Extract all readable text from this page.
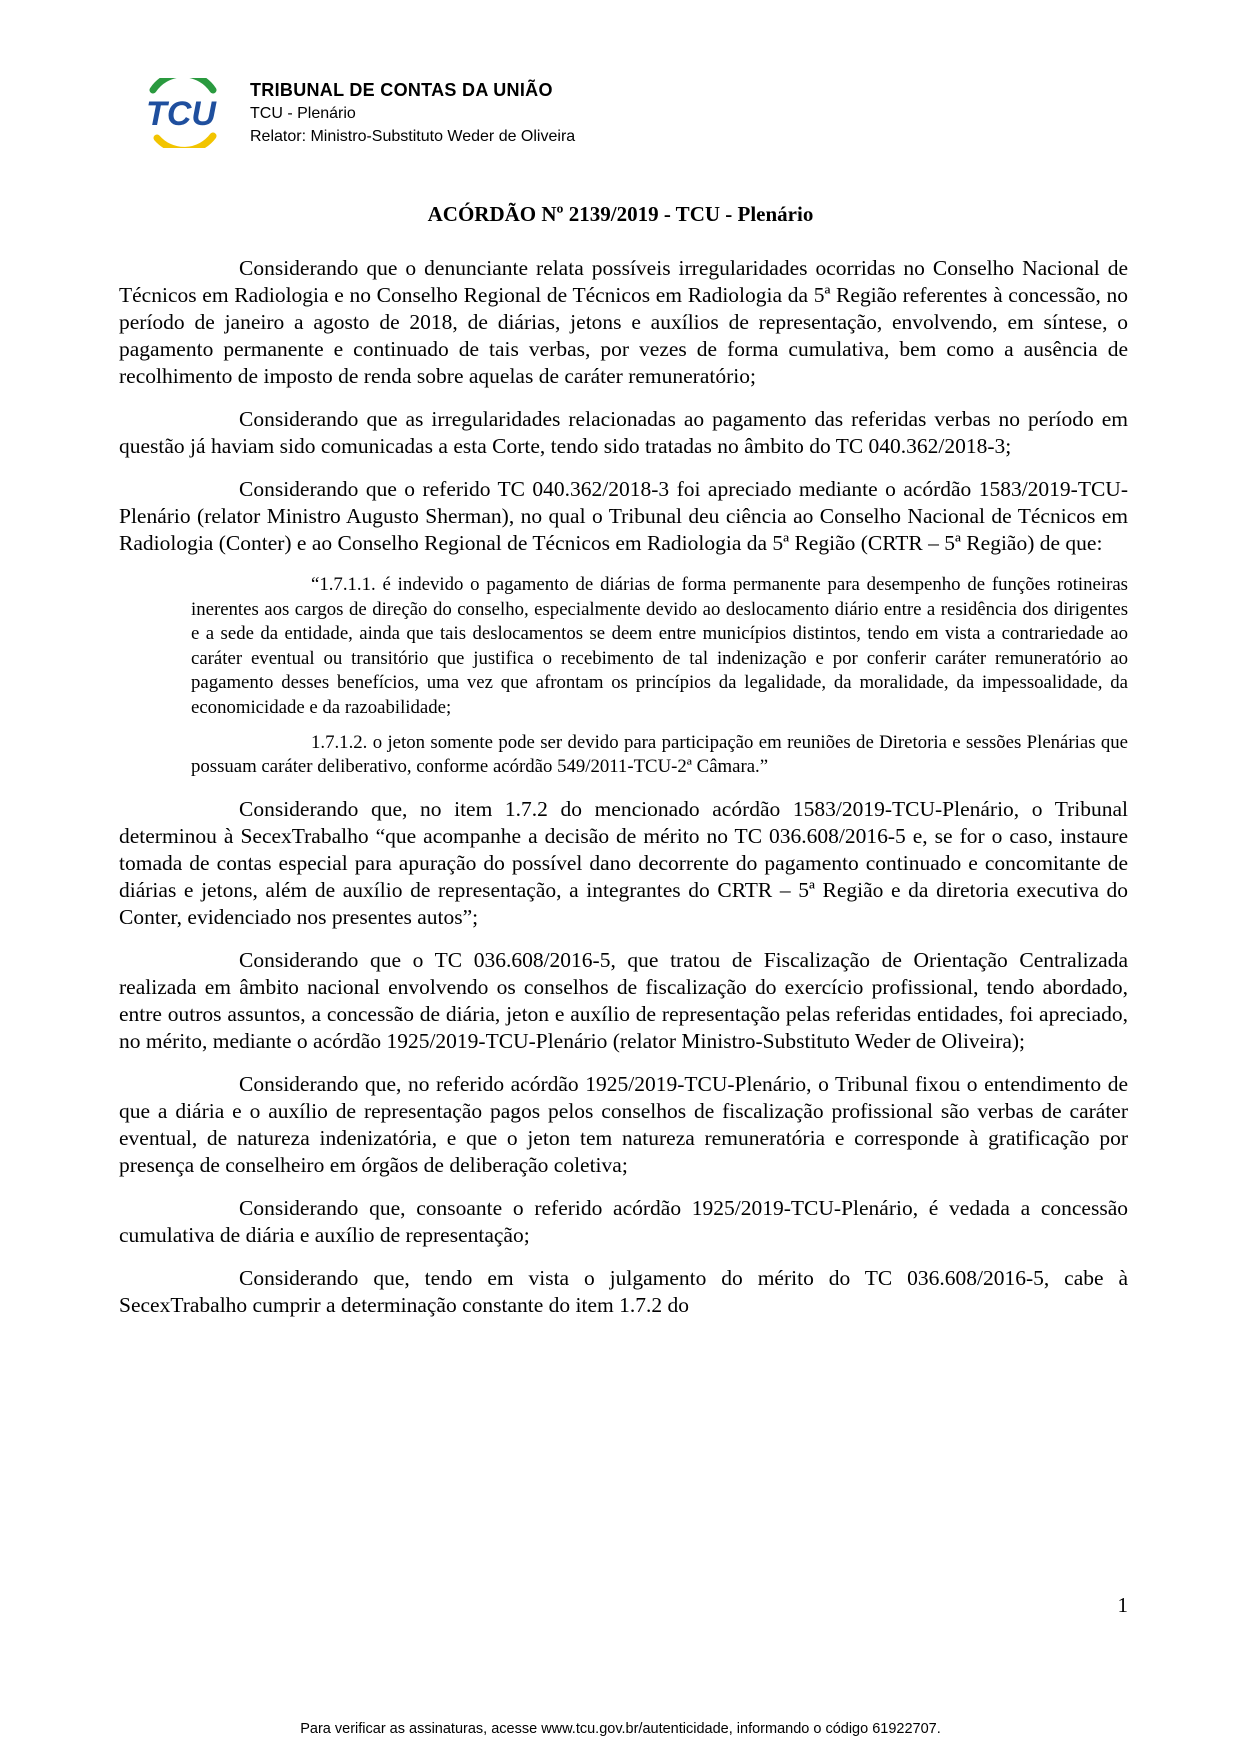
TCU
TRIBUNAL DE CONTAS DA UNIÃO
TCU - Plenário
Relator: Ministro-Substituto Weder de Oliveira
ACÓRDÃO Nº 2139/2019 - TCU - Plenário

Considerando que o denunciante relata possíveis irregularidades ocorridas no Conselho Nacional de Técnicos em Radiologia e no Conselho Regional de Técnicos em Radiologia da 5ª Região referentes à concessão, no período de janeiro a agosto de 2018, de diárias, jetons e auxílios de representação, envolvendo, em síntese, o pagamento permanente e continuado de tais verbas, por vezes de forma cumulativa, bem como a ausência de recolhimento de imposto de renda sobre aquelas de caráter remuneratório;

Considerando que as irregularidades relacionadas ao pagamento das referidas verbas no período em questão já haviam sido comunicadas a esta Corte, tendo sido tratadas no âmbito do TC 040.362/2018-3;

Considerando que o referido TC 040.362/2018-3 foi apreciado mediante o acórdão 1583/2019-TCU-Plenário (relator Ministro Augusto Sherman), no qual o Tribunal deu ciência ao Conselho Nacional de Técnicos em Radiologia (Conter) e ao Conselho Regional de Técnicos em Radiologia da 5ª Região (CRTR – 5ª Região) de que:

“1.7.1.1. é indevido o pagamento de diárias de forma permanente para desempenho de funções rotineiras inerentes aos cargos de direção do conselho, especialmente devido ao deslocamento diário entre a residência dos dirigentes e a sede da entidade, ainda que tais deslocamentos se deem entre municípios distintos, tendo em vista a contrariedade ao caráter eventual ou transitório que justifica o recebimento de tal indenização e por conferir caráter remuneratório ao pagamento desses benefícios, uma vez que afrontam os princípios da legalidade, da moralidade, da impessoalidade, da economicidade e da razoabilidade;

1.7.1.2. o jeton somente pode ser devido para participação em reuniões de Diretoria e sessões Plenárias que possuam caráter deliberativo, conforme acórdão 549/2011-TCU-2ª Câmara.”

Considerando que, no item 1.7.2 do mencionado acórdão 1583/2019-TCU-Plenário, o Tribunal determinou à SecexTrabalho “que acompanhe a decisão de mérito no TC 036.608/2016-5 e, se for o caso, instaure tomada de contas especial para apuração do possível dano decorrente do pagamento continuado e concomitante de diárias e jetons, além de auxílio de representação, a integrantes do CRTR – 5ª Região e da diretoria executiva do Conter, evidenciado nos presentes autos”;

Considerando que o TC 036.608/2016-5, que tratou de Fiscalização de Orientação Centralizada realizada em âmbito nacional envolvendo os conselhos de fiscalização do exercício profissional, tendo abordado, entre outros assuntos, a concessão de diária, jeton e auxílio de representação pelas referidas entidades, foi apreciado, no mérito, mediante o acórdão 1925/2019-TCU-Plenário (relator Ministro-Substituto Weder de Oliveira);

Considerando que, no referido acórdão 1925/2019-TCU-Plenário, o Tribunal fixou o entendimento de que a diária e o auxílio de representação pagos pelos conselhos de fiscalização profissional são verbas de caráter eventual, de natureza indenizatória, e que o jeton tem natureza remuneratória e corresponde à gratificação por presença de conselheiro em órgãos de deliberação coletiva;

Considerando que, consoante o referido acórdão 1925/2019-TCU-Plenário, é vedada a concessão cumulativa de diária e auxílio de representação;

Considerando que, tendo em vista o julgamento do mérito do TC 036.608/2016-5, cabe à SecexTrabalho cumprir a determinação constante do item 1.7.2 do

1
Para verificar as assinaturas, acesse www.tcu.gov.br/autenticidade, informando o código 61922707.
